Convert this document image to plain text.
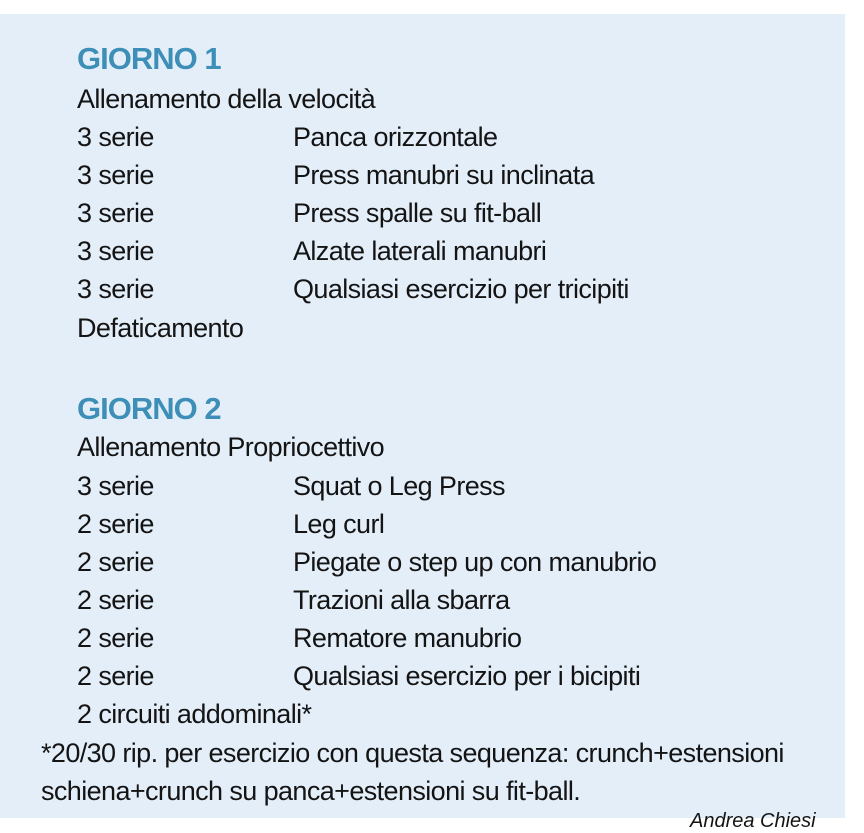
GIORNO 1
Allenamento della velocità
3 serie	Panca orizzontale
3 serie	Press manubri su inclinata
3 serie	Press spalle su fit-ball
3 serie	Alzate laterali manubri
3 serie	Qualsiasi esercizio per tricipiti
Defaticamento
GIORNO 2
Allenamento Propriocettivo
3 serie	Squat o Leg Press
2 serie	Leg curl
2 serie	Piegate o step up con manubrio
2 serie	Trazioni alla sbarra
2 serie	Rematore manubrio
2 serie	Qualsiasi esercizio per i bicipiti
2 circuiti addominali*
*20/30 rip. per esercizio con questa sequenza: crunch+estensioni
schiena+crunch su panca+estensioni su fit-ball.
Andrea Chiesi
